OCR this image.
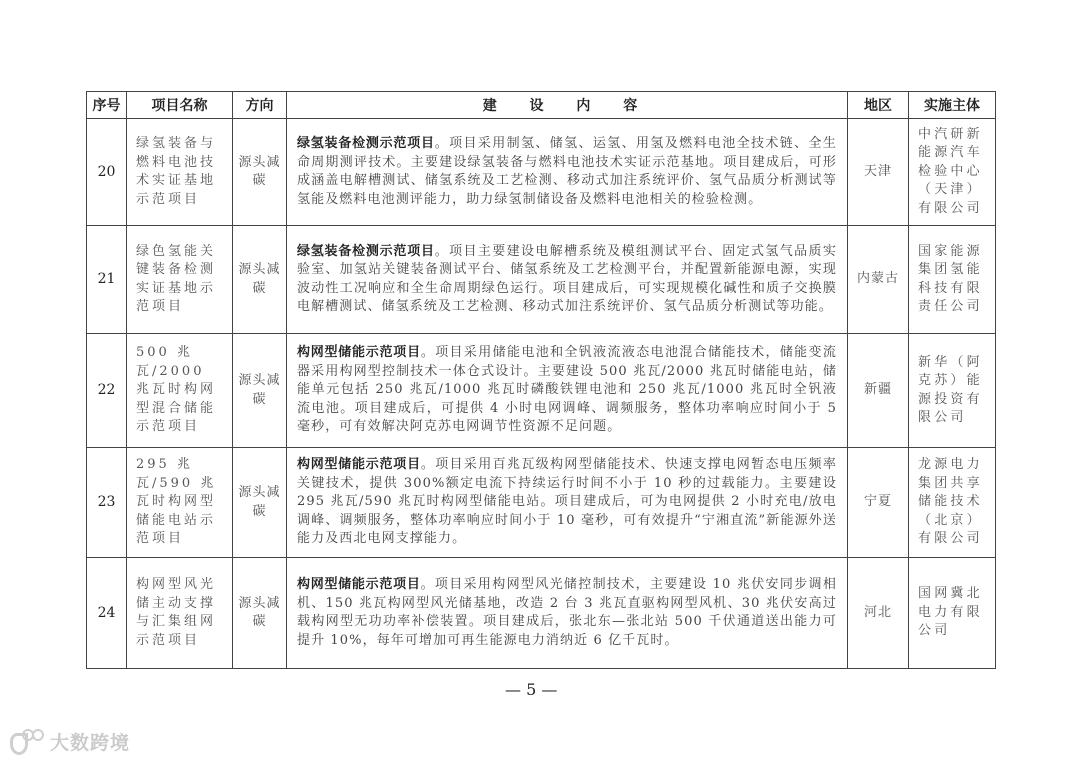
序号	项目名称	方向	建 设 内 容	地区	实施主体
20	绿氢装备与燃料电池技术实证基地示范项目	源头减碳	绿氢装备检测示范项目。项目采用制氢、储氢、运氢、用氢及燃料电池全技术链、全生命周期测评技术。主要建设绿氢装备与燃料电池技术实证示范基地。项目建成后，可形成涵盖电解槽测试、储氢系统及工艺检测、移动式加注系统评价、氢气品质分析测试等氢能及燃料电池测评能力，助力绿氢制储设备及燃料电池相关的检验检测。	天津	中汽研新能源汽车检验中心（天津）有限公司
21	绿色氢能关键装备检测实证基地示范项目	源头减碳	绿氢装备检测示范项目。项目主要建设电解槽系统及模组测试平台、固定式氢气品质实验室、加氢站关键装备测试平台、储氢系统及工艺检测平台，并配置新能源电源，实现波动性工况响应和全生命周期绿色运行。项目建成后，可实现规模化碱性和质子交换膜电解槽测试、储氢系统及工艺检测、移动式加注系统评价、氢气品质分析测试等功能。	内蒙古	国家能源集团氢能科技有限责任公司
22	500 兆瓦/2000 兆瓦时构网型混合储能示范项目	源头减碳	构网型储能示范项目。项目采用储能电池和全钒液流液态电池混合储能技术，储能变流器采用构网型控制技术一体仓式设计。主要建设 500 兆瓦/2000 兆瓦时储能电站，储能单元包括 250 兆瓦/1000 兆瓦时磷酸铁锂电池和 250 兆瓦/1000 兆瓦时全钒液流电池。项目建成后，可提供 4 小时电网调峰、调频服务，整体功率响应时间小于 5 毫秒，可有效解决阿克苏电网调节性资源不足问题。	新疆	新华（阿克苏）能源投资有限公司
23	295 兆瓦/590 兆瓦时构网型储能电站示范项目	源头减碳	构网型储能示范项目。项目采用百兆瓦级构网型储能技术、快速支撑电网暂态电压频率关键技术，提供 300%额定电流下持续运行时间不小于 10 秒的过载能力。主要建设 295 兆瓦/590 兆瓦时构网型储能电站。项目建成后，可为电网提供 2 小时充电/放电调峰、调频服务，整体功率响应时间小于 10 毫秒，可有效提升“宁湘直流”新能源外送能力及西北电网支撑能力。	宁夏	龙源电力集团共享储能技术（北京）有限公司
24	构网型风光储主动支撑与汇集组网示范项目	源头减碳	构网型储能示范项目。项目采用构网型风光储控制技术，主要建设 10 兆伏安同步调相机、150 兆瓦构网型风光储基地，改造 2 台 3 兆瓦直驱构网型风机、30 兆伏安高过载构网型无功功率补偿装置。项目建成后，张北东—张北站 500 千伏通道送出能力可提升 10%，每年可增加可再生能源电力消纳近 6 亿千瓦时。	河北	国网冀北电力有限公司
— 5 —
大数跨境
